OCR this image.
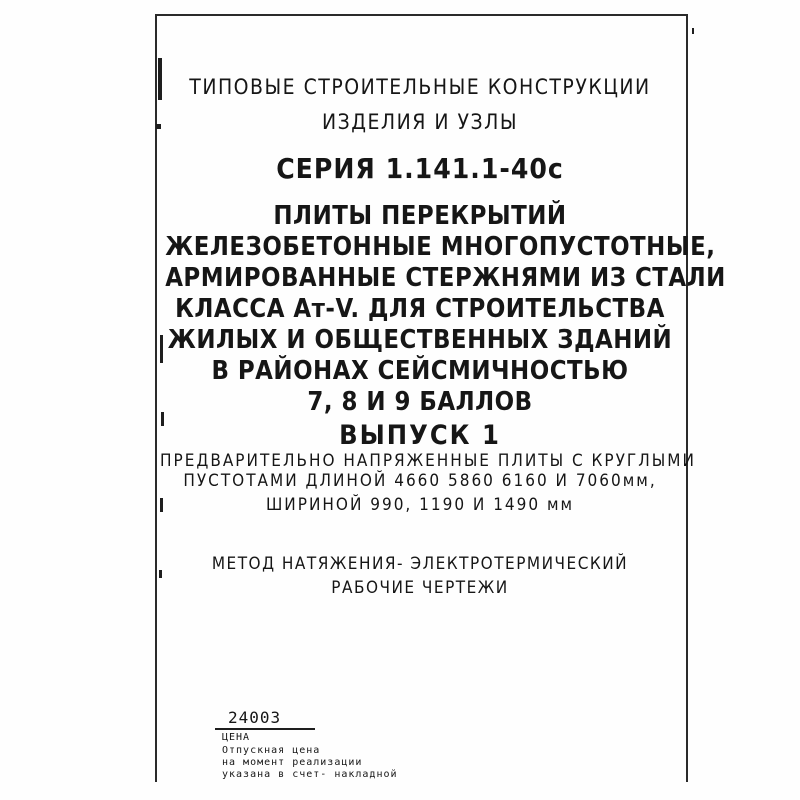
ТИПОВЫЕ СТРОИТЕЛЬНЫЕ КОНСТРУКЦИИ
ИЗДЕЛИЯ И УЗЛЫ
СЕРИЯ 1.141.1-40с
ПЛИТЫ ПЕРЕКРЫТИЙ
ЖЕЛЕЗОБЕТОННЫЕ МНОГОПУСТОТНЫЕ,
АРМИРОВАННЫЕ СТЕРЖНЯМИ ИЗ СТАЛИ
КЛАССА Ат-V. ДЛЯ СТРОИТЕЛЬСТВА
ЖИЛЫХ И ОБЩЕСТВЕННЫХ ЗДАНИЙ
В РАЙОНАХ СЕЙСМИЧНОСТЬЮ
7, 8 И 9 БАЛЛОВ
ВЫПУСК 1
ПРЕДВАРИТЕЛЬНО НАПРЯЖЕННЫЕ ПЛИТЫ С КРУГЛЫМИ
ПУСТОТАМИ ДЛИНОЙ 4660 5860 6160 И 7060мм,
ШИРИНОЙ 990, 1190 И 1490 мм
МЕТОД НАТЯЖЕНИЯ- ЭЛЕКТРОТЕРМИЧЕСКИЙ
РАБОЧИЕ ЧЕРТЕЖИ
24003
ЦЕНА
Отпускная цена
на момент реализации
указана в счет- накладной
